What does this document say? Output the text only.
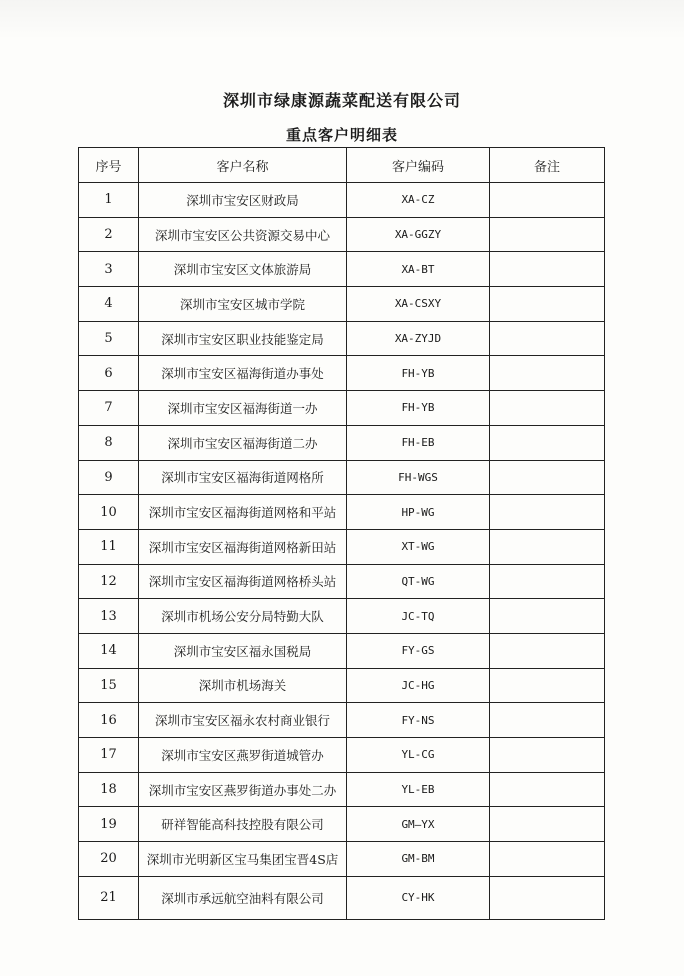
深圳市绿康源蔬菜配送有限公司
重点客户明细表
序号	客户名称	客户编码	备注
1	深圳市宝安区财政局	XA-CZ	
2	深圳市宝安区公共资源交易中心	XA-GGZY	
3	深圳市宝安区文体旅游局	XA-BT	
4	深圳市宝安区城市学院	XA-CSXY	
5	深圳市宝安区职业技能鉴定局	XA-ZYJD	
6	深圳市宝安区福海街道办事处	FH-YB	
7	深圳市宝安区福海街道一办	FH-YB	
8	深圳市宝安区福海街道二办	FH-EB	
9	深圳市宝安区福海街道网格所	FH-WGS	
10	深圳市宝安区福海街道网格和平站	HP-WG	
11	深圳市宝安区福海街道网格新田站	XT-WG	
12	深圳市宝安区福海街道网格桥头站	QT-WG	
13	深圳市机场公安分局特勤大队	JC-TQ	
14	深圳市宝安区福永国税局	FY-GS	
15	深圳市机场海关	JC-HG	
16	深圳市宝安区福永农村商业银行	FY-NS	
17	深圳市宝安区燕罗街道城管办	YL-CG	
18	深圳市宝安区燕罗街道办事处二办	YL-EB	
19	研祥智能高科技控股有限公司	GM—YX	
20	深圳市光明新区宝马集团宝晋4S店	GM-BM	
21	深圳市承远航空油料有限公司	CY-HK	
